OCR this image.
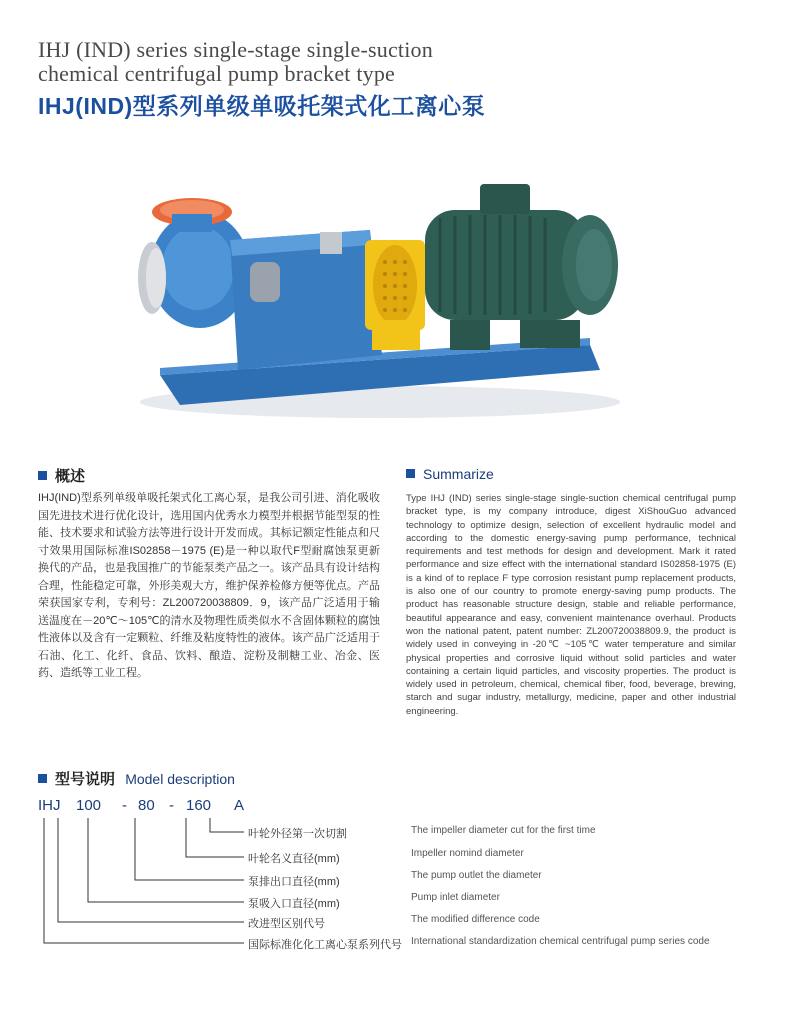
IHJ (IND) series single-stage single-suction
chemical centrifugal pump bracket type
IHJ(IND)型系列单级单吸托架式化工离心泵
概述	Summarize
IHJ(IND)型系列单级单吸托架式化工离心泵，是我公司引进、消化吸收国先进技术进行优化设计，选用国内优秀水力模型并根据节能型泵的性能、技术要求和试验方法等进行设计开发而成。其标记额定性能点和尺寸效果用国际标准IS02858－1975 (E)是一种以取代F型耐腐蚀泵更新换代的产品，也是我国推广的节能泵类产品之一。该产品具有设计结构合理，性能稳定可靠，外形美观大方，维护保养检修方便等优点。产品荣获国家专利，专利号：ZL200720038809．9，该产品广泛适用于输送温度在－20℃～105℃的清水及物理性质类似水不含固体颗粒的腐蚀性液体以及含有一定颗粒、纤维及粘度特性的液体。该产品广泛适用于石油、化工、化纤、食品、饮料、酿造、淀粉及制糖工业、冶金、医药、造纸等工业工程。
Type IHJ (IND) series single-stage single-suction chemical centrifugal pump bracket type, is my company introduce, digest XiShouGuo advanced technology to optimize design, selection of excellent hydraulic model and according to the domestic energy-saving pump performance, technical requirements and test methods for design and development. Mark it rated performance and size effect with the international standard IS02858-1975 (E) is a kind of to replace F type corrosion resistant pump replacement products, is also one of our country to promote energy-saving pump products. The product has reasonable structure design, stable and reliable performance, beautiful appearance and easy, convenient maintenance overhaul. Products won the national patent, patent number: ZL200720038809.9, the product is widely used in conveying in -20℃ ~105℃ water temperature and similar physical properties and corrosive liquid without solid particles and water containing a certain liquid particles, and viscosity properties. The product is widely used in petroleum, chemical, chemical fiber, food, beverage, brewing, starch and sugar industry, metallurgy, medicine, paper and other industrial engineering.
型号说明 Model description
IHJ 100 - 80 - 160 A
叶轮外径第一次切割
叶轮名义直径(mm)
泵排出口直径(mm)
泵吸入口直径(mm)
改进型区别代号
国际标准化化工离心泵系列代号
The impeller diameter cut for the first time
Impeller nomind diameter
The pump outlet the diameter
Pump inlet diameter
The modified difference code
International standardization chemical centrifugal pump series code
